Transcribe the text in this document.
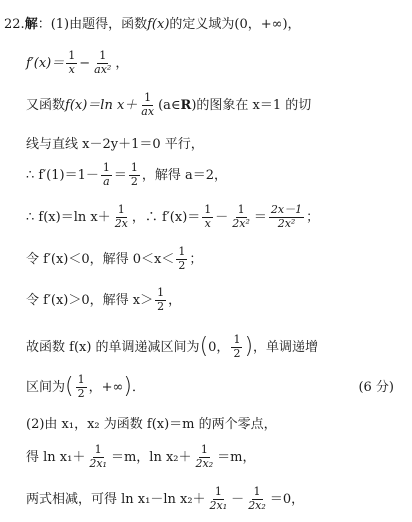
22. 解 ：(1)由题得，函数 f(x) 的定义域为(0，+∞)，
$f'(x)= \frac{1}{x} - \frac{1}{\text{ax²}}$ ，
又函数 f(x)＝ln $x+ \frac{1}{ax}$ (a∈ R )的图象在 x＝1 的切
线与直线 x－2y＋1＝0 平行，
∴ $f'(1)=1- \frac{1}{a} = \frac{1}{2}$ ，解得 a＝2，
∴ f(x)＝ln $x+ \frac{1}{2x}$ ，∴ $f'(x)= \frac{1}{x} - \frac{1}{\text{2x²}} = \frac{2x-1}{\text{2x²}}$ ；
令 f′(x)＜0，解得 $0<x< \frac{1}{2}$ ；
令 f′(x)＞0，解得 $x> \frac{1}{2}$ ，
故函数 f(x) 的单调递减区间为 ( 0， $\frac{1}{2}$ ) ，单调递增
区间为 ( $\frac{1}{2}$ ，+∞ ) ．	(6 分)
(2)由 x₁，x₂ 为函数 f(x)＝m 的两个零点，
得 $\ln x_1+ \frac{1}{\text{2x₁}} =m$，$\ln x_2+ \frac{1}{\text{2x₂}} =m$，
两式相减，可得 ln x₁－ln $x_2+ \frac{1}{\text{2x₁}} - \frac{1}{\text{2x₂}} =0$，
